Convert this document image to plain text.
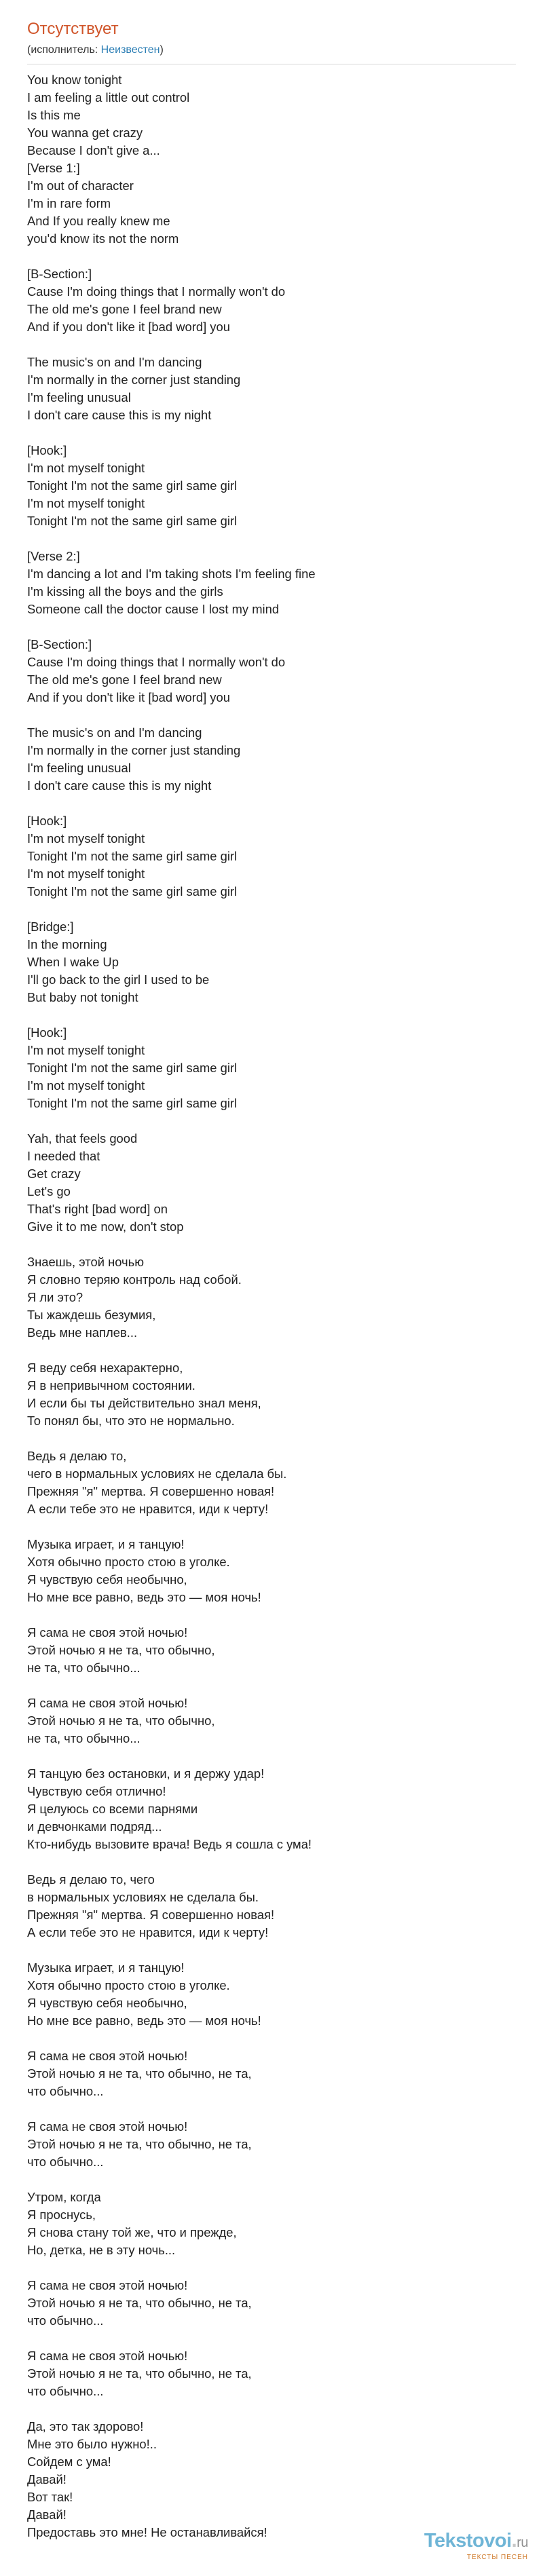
Отсутствует
(исполнитель: Неизвестен)
You know tonight
I am feeling a little out control
Is this me
You wanna get crazy
Because I don't give a...
[Verse 1:]
I'm out of character
I'm in rare form
And If you really knew me
you'd know its not the norm
[B-Section:]
Cause I'm doing things that I normally won't do
The old me's gone I feel brand new
And if you don't like it [bad word] you
The music's on and I'm dancing
I'm normally in the corner just standing
I'm feeling unusual
I don't care cause this is my night
[Hook:]
I'm not myself tonight
Tonight I'm not the same girl same girl
I'm not myself tonight
Tonight I'm not the same girl same girl
[Verse 2:]
I'm dancing a lot and I'm taking shots I'm feeling fine
I'm kissing all the boys and the girls
Someone call the doctor cause I lost my mind
[B-Section:]
Cause I'm doing things that I normally won't do
The old me's gone I feel brand new
And if you don't like it [bad word] you
The music's on and I'm dancing
I'm normally in the corner just standing
I'm feeling unusual
I don't care cause this is my night
[Hook:]
I'm not myself tonight
Tonight I'm not the same girl same girl
I'm not myself tonight
Tonight I'm not the same girl same girl
[Bridge:]
In the morning
When I wake Up
I'll go back to the girl I used to be
But baby not tonight
[Hook:]
I'm not myself tonight
Tonight I'm not the same girl same girl
I'm not myself tonight
Tonight I'm not the same girl same girl
Yah, that feels good
I needed that
Get crazy
Let's go
That's right [bad word] on
Give it to me now, don't stop
Знаешь, этой ночью
Я словно теряю контроль над собой.
Я ли это?
Ты жаждешь безумия,
Ведь мне наплев...
Я веду себя нехарактерно,
Я в непривычном состоянии.
И если бы ты действительно знал меня,
То понял бы, что это не нормально.
Ведь я делаю то,
чего в нормальных условиях не сделала бы.
Прежняя "я" мертва. Я совершенно новая!
А если тебе это не нравится, иди к черту!
Музыка играет, и я танцую!
Хотя обычно просто стою в уголке.
Я чувствую себя необычно,
Но мне все равно, ведь это — моя ночь!
Я сама не своя этой ночью!
Этой ночью я не та, что обычно,
не та, что обычно...
Я сама не своя этой ночью!
Этой ночью я не та, что обычно,
не та, что обычно...
Я танцую без остановки, и я держу удар!
Чувствую себя отлично!
Я целуюсь со всеми парнями
и девчонками подряд...
Кто-нибудь вызовите врача! Ведь я сошла с ума!
Ведь я делаю то, чего
в нормальных условиях не сделала бы.
Прежняя "я" мертва. Я совершенно новая!
А если тебе это не нравится, иди к черту!
Музыка играет, и я танцую!
Хотя обычно просто стою в уголке.
Я чувствую себя необычно,
Но мне все равно, ведь это — моя ночь!
Я сама не своя этой ночью!
Этой ночью я не та, что обычно, не та,
что обычно...
Я сама не своя этой ночью!
Этой ночью я не та, что обычно, не та,
что обычно...
Утром, когда
Я проснусь,
Я снова стану той же, что и прежде,
Но, детка, не в эту ночь...
Я сама не своя этой ночью!
Этой ночью я не та, что обычно, не та,
что обычно...
Я сама не своя этой ночью!
Этой ночью я не та, что обычно, не та,
что обычно...
Да, это так здорово!
Мне это было нужно!..
Сойдем с ума!
Давай!
Вот так!
Давай!
Предоставь это мне! Не останавливайся!	Tekstovoi.ru
ТЕКСТЫ ПЕСЕН
